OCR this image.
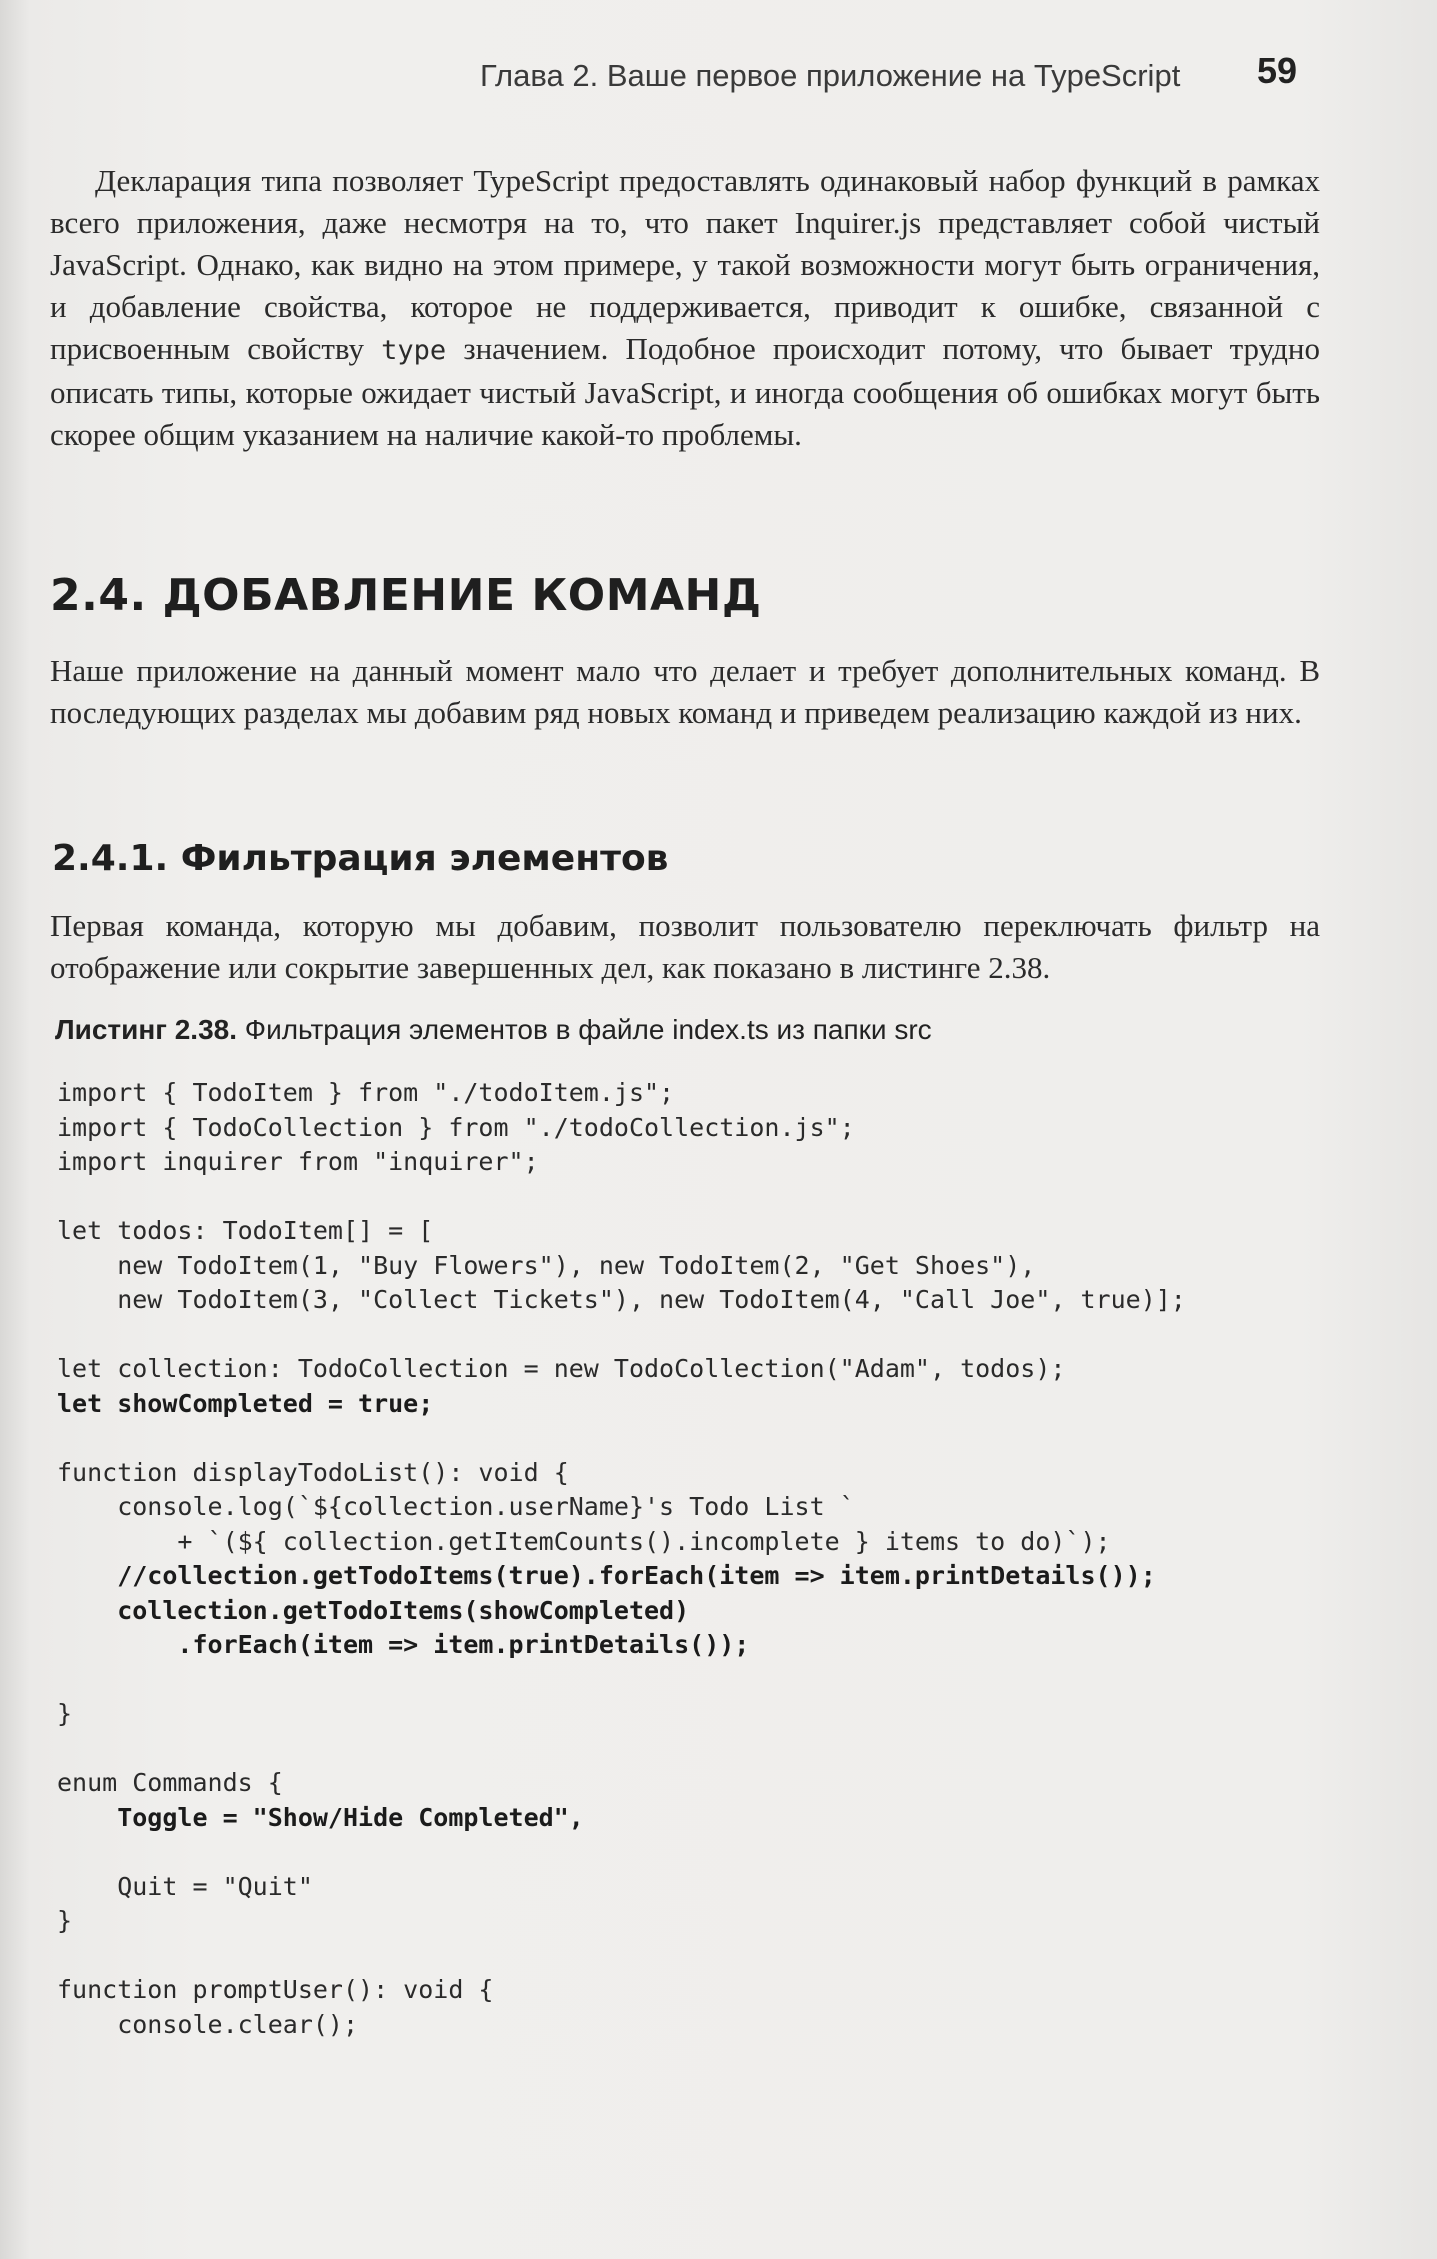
Глава 2. Ваше первое приложение на TypeScript 59

Декларация типа позволяет TypeScript предоставлять одинаковый набор функций в рамках всего приложения, даже несмотря на то, что пакет Inquirer.js представляет собой чистый JavaScript. Однако, как видно на этом примере, у такой возможности могут быть ограничения, и добавление свойства, которое не поддерживается, приводит к ошибке, связанной с присвоенным свойству type значением. Подобное происходит потому, что бывает трудно описать типы, которые ожидает чистый JavaScript, и иногда сообщения об ошибках могут быть скорее общим указанием на наличие какой-то проблемы.

2.4. ДОБАВЛЕНИЕ КОМАНД

Наше приложение на данный момент мало что делает и требует дополнительных команд. В последующих разделах мы добавим ряд новых команд и приведем реализацию каждой из них.

2.4.1. Фильтрация элементов

Первая команда, которую мы добавим, позволит пользователю переключать фильтр на отображение или сокрытие завершенных дел, как показано в листинге 2.38.

Листинг 2.38. Фильтрация элементов в файле index.ts из папки src
import { TodoItem } from "./todoItem.js";
import { TodoCollection } from "./todoCollection.js";
import inquirer from "inquirer";

let todos: TodoItem[] = [
new TodoItem(1, "Buy Flowers"), new TodoItem(2, "Get Shoes"),
new TodoItem(3, "Collect Tickets"), new TodoItem(4, "Call Joe", true)];

let collection: TodoCollection = new TodoCollection("Adam", todos);
let showCompleted = true;

function displayTodoList(): void {
console.log(`${collection.userName}'s Todo List `
+ `(${ collection.getItemCounts().incomplete } items to do)`);
//collection.getTodoItems(true).forEach(item => item.printDetails());
collection.getTodoItems(showCompleted)
.forEach(item => item.printDetails());

}

enum Commands {
Toggle = "Show/Hide Completed",

Quit = "Quit"
}

function promptUser(): void {
console.clear();
